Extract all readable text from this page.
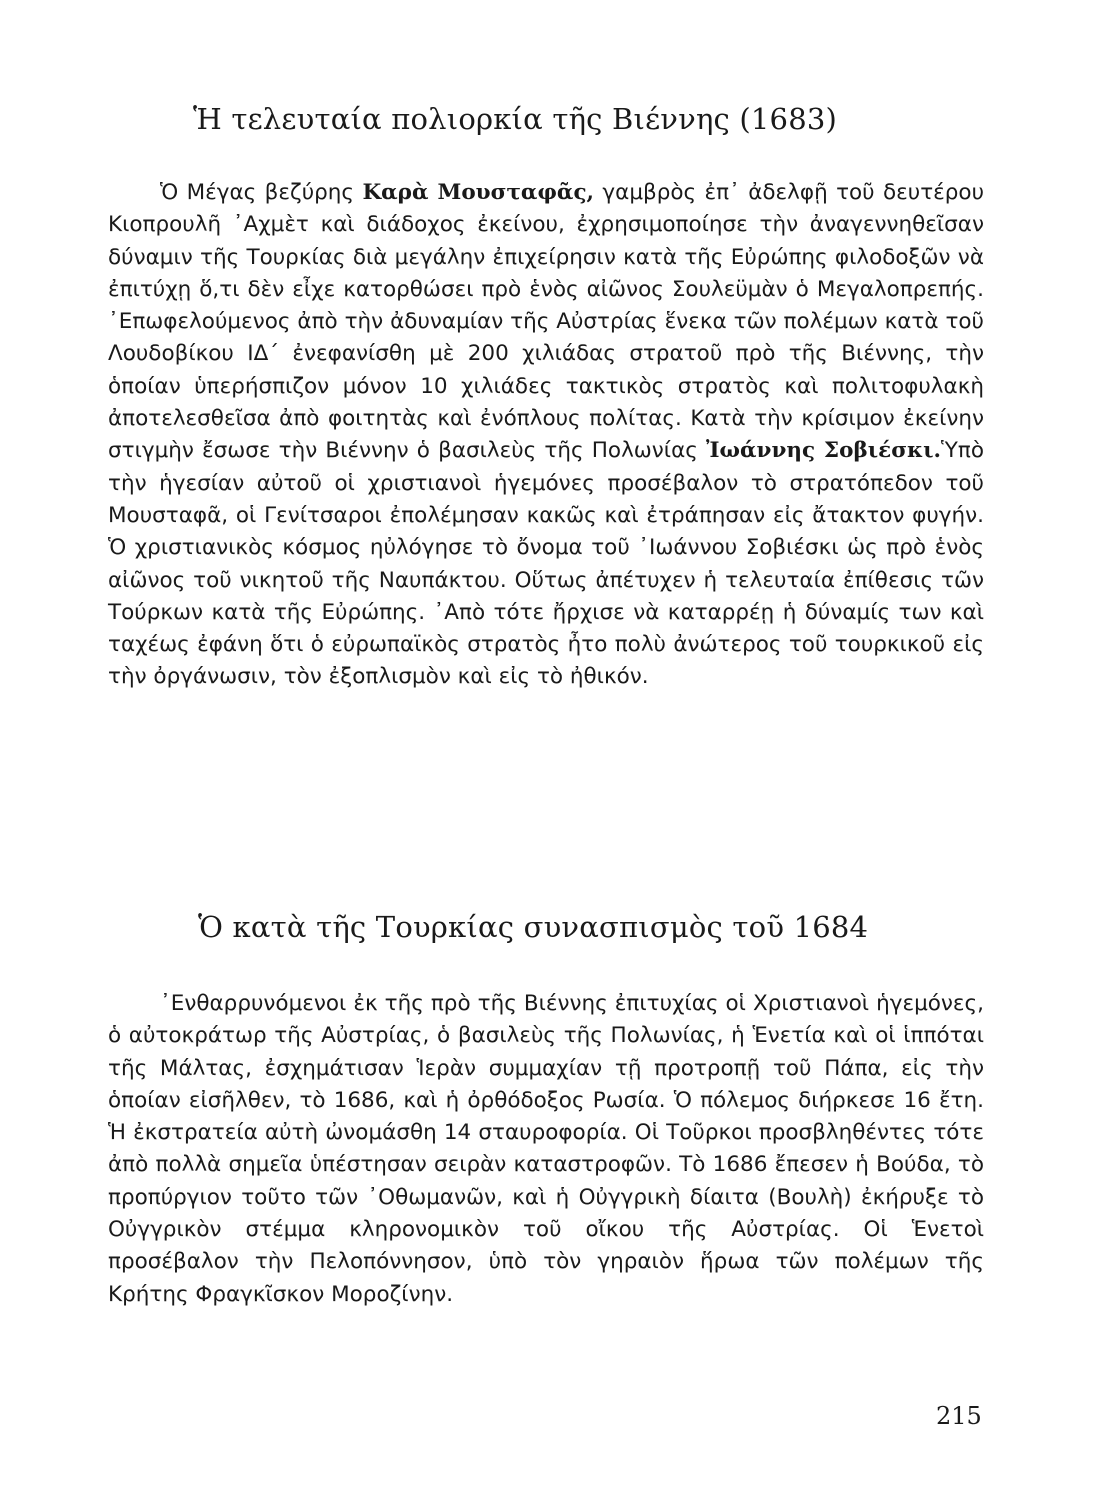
Ἡ τελευταία πολιορκία τῆς Βιέννης (1683)

Ὁ Μέγας βεζύρης Καρὰ Μουσταφᾶς, γαμβρὸς ἐπ᾽ ἀδελφῇ τοῦ δευτέρου Κιοπρουλῆ ᾿Αχμὲτ καὶ διάδοχος ἐκείνου, ἐχρησιμοποίησε τὴν ἀναγεννηθεῖσαν δύναμιν τῆς Τουρκίας διὰ μεγάλην ἐπιχείρησιν κατὰ τῆς Εὐρώπης φιλοδοξῶν νὰ ἐπιτύχῃ ὅ,τι δὲν εἶχε κατορθώσει πρὸ ἑνὸς αἰῶνος Σουλεϋμὰν ὁ Μεγαλοπρεπής. ᾿Επωφελούμενος ἀπὸ τὴν ἀδυναμίαν τῆς Αὐστρίας ἕνεκα τῶν πολέμων κατὰ τοῦ Λουδοβίκου ΙΔ΄ ἐνεφανίσθη μὲ 200 χιλιάδας στρατοῦ πρὸ τῆς Βιέννης, τὴν ὁποίαν ὑπερήσπιζον μόνον 10 χιλιάδες τακτικὸς στρατὸς καὶ πολιτοφυλακὴ ἀποτελεσθεῖσα ἀπὸ φοιτητὰς καὶ ἐνόπλους πολίτας. Κατὰ τὴν κρίσιμον ἐκείνην στιγμὴν ἔσωσε τὴν Βιέννην ὁ βασιλεὺς τῆς Πολωνίας Ἰωάννης Σοβιέσκι.Ὑπὸ τὴν ἡγεσίαν αὐτοῦ οἱ χριστιανοὶ ἡγεμόνες προσέβαλον τὸ στρατόπεδον τοῦ Μουσταφᾶ, οἱ Γενίτσαροι ἐπολέμησαν κακῶς καὶ ἐτράπησαν εἰς ἄτακτον φυγήν. Ὁ χριστιανικὸς κόσμος ηὐλόγησε τὸ ὄνομα τοῦ ᾿Ιωάννου Σοβιέσκι ὡς πρὸ ἑνὸς αἰῶνος τοῦ νικητοῦ τῆς Ναυπάκτου. Οὕτως ἀπέτυχεν ἡ τελευταία ἐπίθεσις τῶν Τούρκων κατὰ τῆς Εὐρώπης. ᾿Απὸ τότε ἤρχισε νὰ καταρρέῃ ἡ δύναμίς των καὶ ταχέως ἐφάνη ὅτι ὁ εὐρωπαϊκὸς στρατὸς ἦτο πολὺ ἀνώτερος τοῦ τουρκικοῦ εἰς τὴν ὀργάνωσιν, τὸν ἐξοπλισμὸν καὶ εἰς τὸ ἠθικόν.

Ὁ κατὰ τῆς Τουρκίας συνασπισμὸς τοῦ 1684

᾿Ενθαρρυνόμενοι ἐκ τῆς πρὸ τῆς Βιέννης ἐπιτυχίας οἱ Χριστιανοὶ ἡγεμόνες, ὁ αὐτοκράτωρ τῆς Αὐστρίας, ὁ βασιλεὺς τῆς Πολωνίας, ἡ Ἑνετία καὶ οἱ ἱππόται τῆς Μάλτας, ἐσχημάτισαν Ἱερὰν συμμαχίαν τῇ προτροπῇ τοῦ Πάπα, εἰς τὴν ὁποίαν εἰσῆλθεν, τὸ 1686, καὶ ἡ ὀρθόδοξος Ρωσία. Ὁ πόλεμος διήρκεσε 16 ἔτη. Ἡ ἐκστρατεία αὐτὴ ὠνομάσθη 14 σταυροφορία. Οἱ Τοῦρκοι προσβληθέντες τότε ἀπὸ πολλὰ σημεῖα ὑπέστησαν σειρὰν καταστροφῶν. Τὸ 1686 ἔπεσεν ἡ Βούδα, τὸ προπύργιον τοῦτο τῶν ᾿Οθωμανῶν, καὶ ἡ Οὐγγρικὴ δίαιτα (Βουλὴ) ἐκήρυξε τὸ Οὐγγρικὸν στέμμα κληρονομικὸν τοῦ οἴκου τῆς Αὐστρίας. Οἱ Ἑνετοὶ προσέβαλον τὴν Πελοπόννησον, ὑπὸ τὸν γηραιὸν ἥρωα τῶν πολέμων τῆς Κρήτης Φραγκῖσκον Μοροζίνην.

215
